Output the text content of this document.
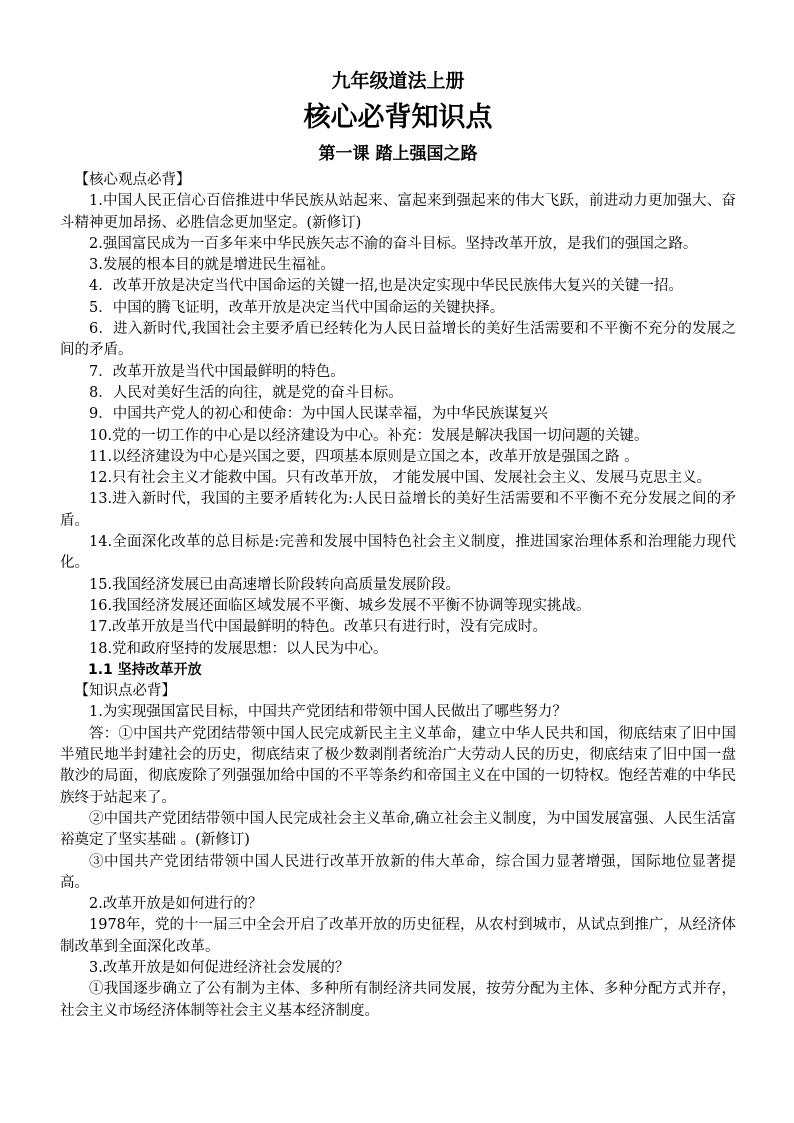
九年级道法上册
核心必背知识点
第一课 踏上强国之路

【核心观点必背】

1.中国人民正信心百倍推进中华民族从站起来、富起来到强起来的伟大飞跃，前进动力更加强大、奋斗精神更加昂扬、必胜信念更加坚定。(新修订)

2.强国富民成为一百多年来中华民族矢志不渝的奋斗目标。坚持改革开放，是我们的强国之路。

3.发展的根本目的就是增进民生福祉。

4．改革开放是决定当代中国命运的关键一招,也是决定实现中华民民族伟大复兴的关键一招。

5．中国的腾飞证明，改革开放是决定当代中国命运的关键抉择。

6．进入新时代,我国社会主要矛盾已经转化为人民日益增长的美好生活需要和不平衡不充分的发展之间的矛盾。

7．改革开放是当代中国最鲜明的特色。

8．人民对美好生活的向往，就是党的奋斗目标。

9．中国共产党人的初心和使命：为中国人民谋幸福，为中华民族谋复兴

10.党的一切工作的中心是以经济建设为中心。补充：发展是解决我国一切问题的关键。

11.以经济建设为中心是兴国之要，四项基本原则是立国之本，改革开放是强国之路 。

12.只有社会主义才能救中国。只有改革开放， 才能发展中国、发展社会主义、发展马克思主义。

13.进入新时代，我国的主要矛盾转化为:人民日益增长的美好生活需要和不平衡不充分发展之间的矛盾。

14.全面深化改革的总目标是:完善和发展中国特色社会主义制度，推进国家治理体系和治理能力现代化。

15.我国经济发展已由高速增长阶段转向高质量发展阶段。

16.我国经济发展还面临区域发展不平衡、城乡发展不平衡不协调等现实挑战。

17.改革开放是当代中国最鲜明的特色。改革只有进行时，没有完成时。

18.党和政府坚持的发展思想：以人民为中心。

1.1 坚持改革开放

【知识点必背】

1.为实现强国富民目标，中国共产党团结和带领中国人民做出了哪些努力？

答：①中国共产党团结带领中国人民完成新民主主义革命，建立中华人民共和国，彻底结束了旧中国半殖民地半封建社会的历史，彻底结束了极少数剥削者统治广大劳动人民的历史，彻底结束了旧中国一盘散沙的局面，彻底废除了列强强加给中国的不平等条约和帝国主义在中国的一切特权。饱经苦难的中华民族终于站起来了。

②中国共产党团结带领中国人民完成社会主义革命,确立社会主义制度，为中国发展富强、人民生活富裕奠定了坚实基础 。(新修订)

③中国共产党团结带领中国人民进行改革开放新的伟大革命，综合国力显著增强，国际地位显著提高。

2.改革开放是如何进行的？

1978年，党的十一届三中全会开启了改革开放的历史征程，从农村到城市，从试点到推广，从经济体制改革到全面深化改革。

3.改革开放是如何促进经济社会发展的？

①我国逐步确立了公有制为主体、多种所有制经济共同发展，按劳分配为主体、多种分配方式并存，社会主义市场经济体制等社会主义基本经济制度。
